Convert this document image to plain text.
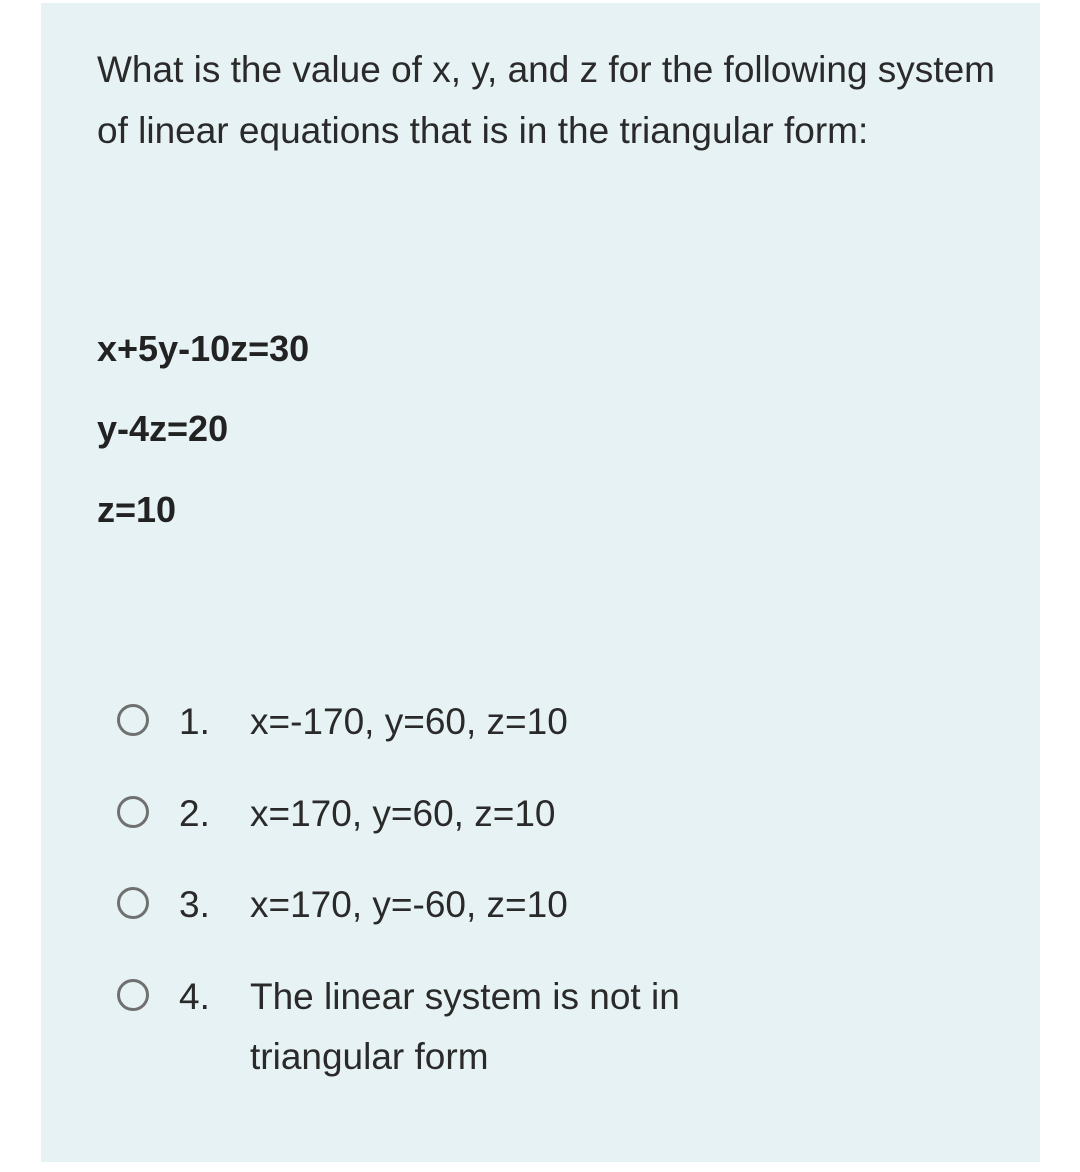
What is the value of x, y, and z for the following system of linear equations that is in the triangular form:

x+5y-10z=30

y-4z=20

z=10

1. x=-170, y=60, z=10
2. x=170, y=60, z=10
3. x=170, y=-60, z=10
4. The linear system is not in triangular form
